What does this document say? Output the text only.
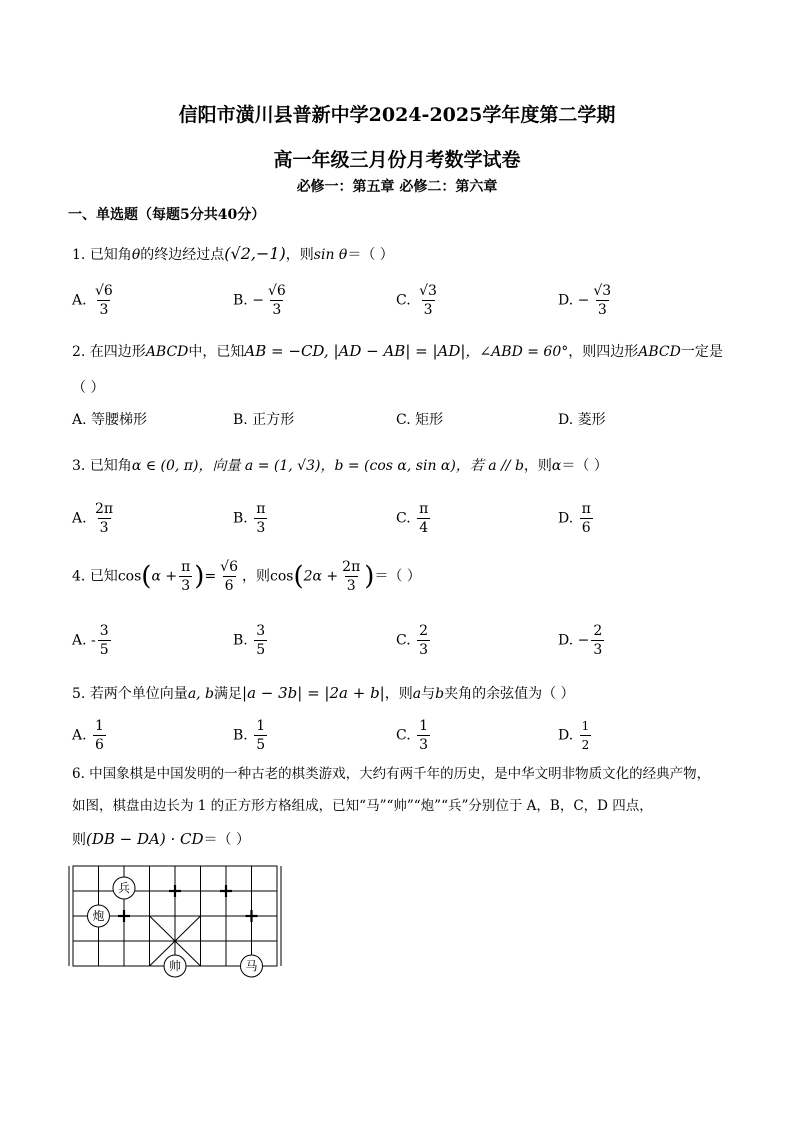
信阳市潢川县普新中学2024-2025学年度第二学期
高一年级三月份月考数学试卷
必修一：第五章 必修二：第六章
一、单选题（每题5分共40分）
1. 已知角θ的终边经过点(√2,−1)，则sin θ＝（ ）
A. $\frac{√6}{3}$	B. − $\frac{√6}{3}$	C. $\frac{√3}{3}$	D. − $\frac{√3}{3}$
2. 在四边形ABCD中，已知AB = −CD, |AD − AB| = |AD|，∠ABD = 60°，则四边形ABCD一定是
（ ）
A. 等腰梯形	B. 正方形	C. 矩形	D. 菱形
3. 已知角α ∈ (0, π)，向量 a = (1, √3)，b = (cos α, sin α)，若 a // b，则α＝（ ）
A. $\frac{2\pi}{3}$	B. $\frac{\pi}{3}$	C. $\frac{\pi}{4}$	D. $\frac{\pi}{6}$
4. 已知$\cos(\alpha + \frac{\pi}{3}$ )= $\frac{√6}{6}$ ，则$\cos(2\alpha + \frac{2\pi}{3}$ )＝（ ）
A. - $\frac{3}{5}$	B. $\frac{3}{5}$	C. $\frac{2}{3}$	D. − $\frac{2}{3}$
5. 若两个单位向量a, b满足|a − 3b| = |2a + b|，则a与b夹角的余弦值为（ ）
A. $\frac{1}{6}$	B. $\frac{1}{5}$	C. $\frac{1}{3}$	D. $\frac{1}{2}$
6. 中国象棋是中国发明的一种古老的棋类游戏，大约有两千年的历史，是中华文明非物质文化的经典产物，
如图，棋盘由边长为 1 的正方形方格组成，已知“马”“帅”“炮”“兵”分别位于 A，B，C，D 四点，
则(DB − DA) · CD＝（ ）
兵
炮
帅	马
